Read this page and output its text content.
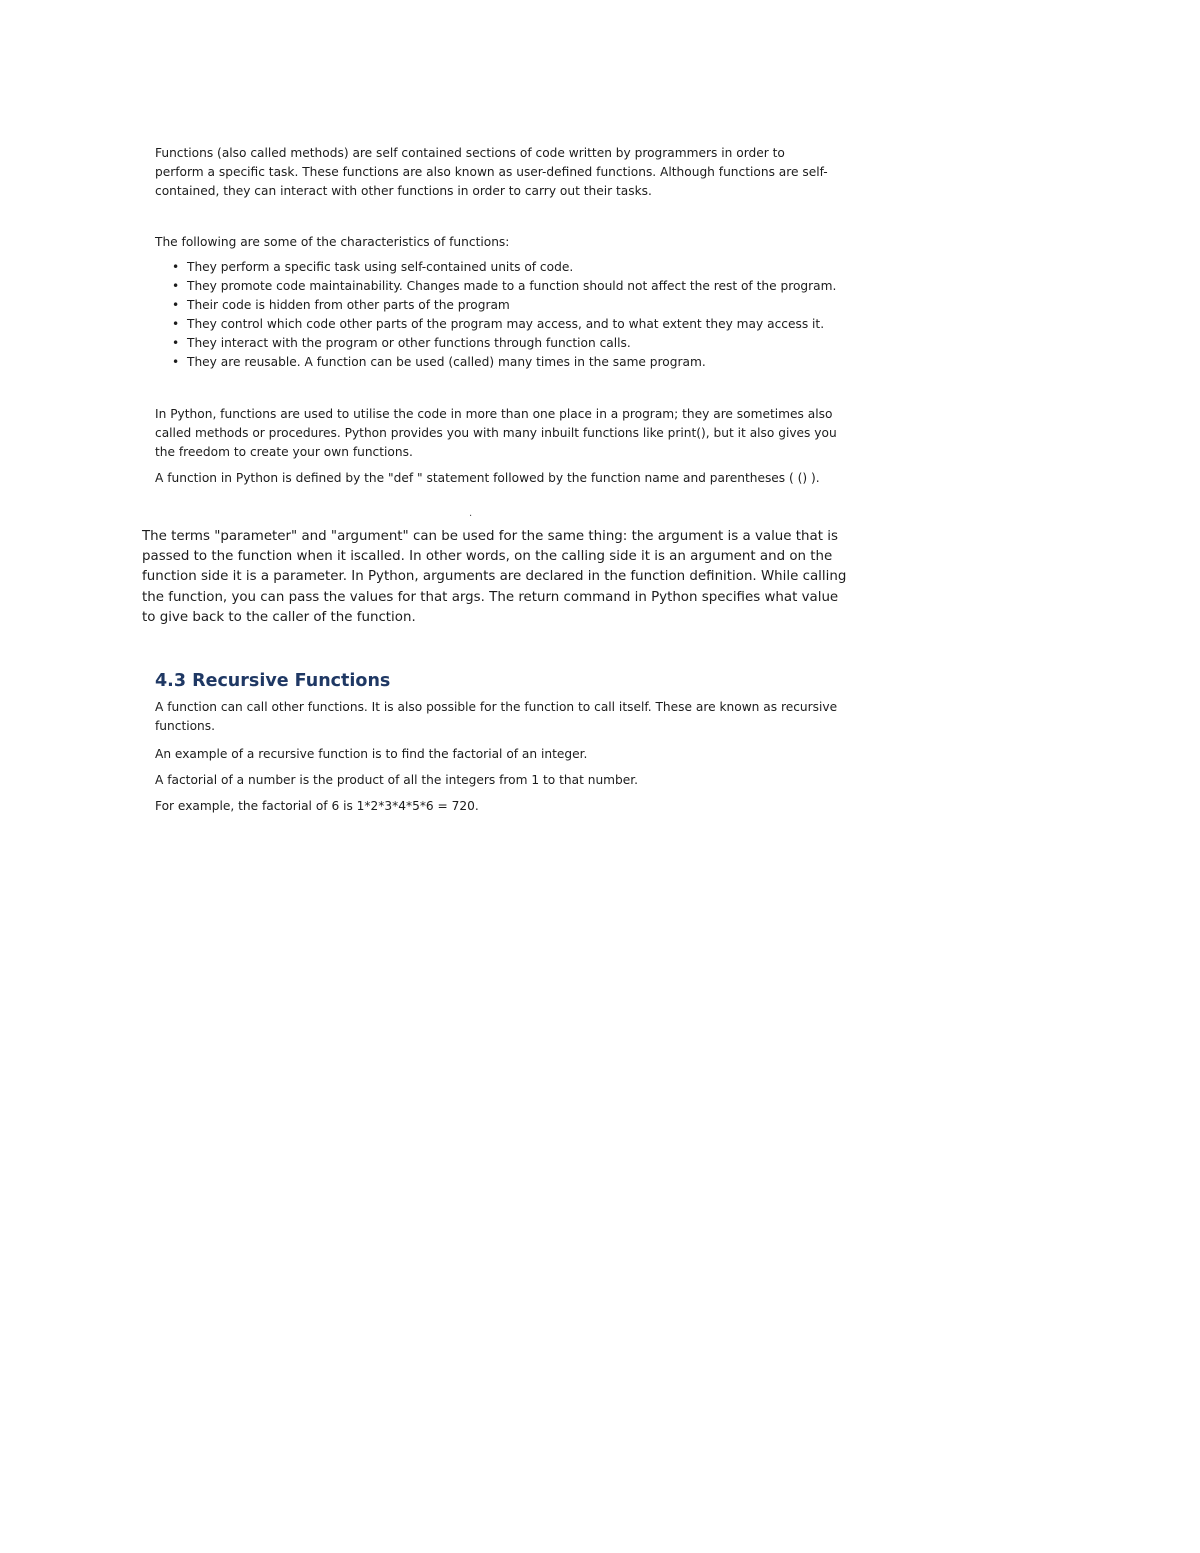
Functions (also called methods) are self contained sections of code written by programmers in order to perform a specific task. These functions are also known as user-defined functions. Although functions are self-contained, they can interact with other functions in order to carry out their tasks.

The following are some of the characteristics of functions:

• They perform a specific task using self-contained units of code.
• They promote code maintainability. Changes made to a function should not affect the rest of the program.
• Their code is hidden from other parts of the program
• They control which code other parts of the program may access, and to what extent they may access it.
• They interact with the program or other functions through function calls.
• They are reusable. A function can be used (called) many times in the same program.

In Python, functions are used to utilise the code in more than one place in a program; they are sometimes also called methods or procedures. Python provides you with many inbuilt functions like print(), but it also gives you the freedom to create your own functions.

A function in Python is defined by the "def " statement followed by the function name and parentheses ( () ).

.

The terms "parameter" and "argument" can be used for the same thing: the argument is a value that is passed to the function when it iscalled. In other words, on the calling side it is an argument and on the function side it is a parameter. In Python, arguments are declared in the function definition. While calling the function, you can pass the values for that args. The return command in Python specifies what value to give back to the caller of the function.

4.3 Recursive Functions

A function can call other functions. It is also possible for the function to call itself. These are known as recursive functions.

An example of a recursive function is to find the factorial of an integer.

A factorial of a number is the product of all the integers from 1 to that number.

For example, the factorial of 6 is 1*2*3*4*5*6 = 720.
